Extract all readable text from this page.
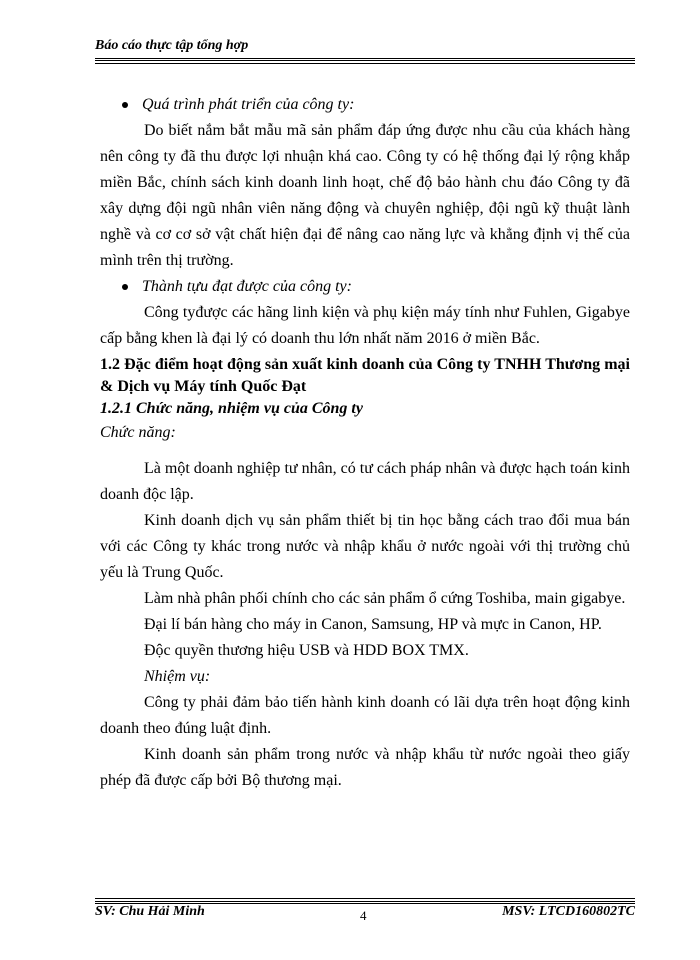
Báo cáo thực tập tổng hợp

Quá trình phát triển của công ty:

Do biết nắm bắt mẫu mã sản phẩm đáp ứng được nhu cầu của khách hàng nên công ty đã thu được lợi nhuận khá cao. Công ty có hệ thống đại lý rộng khắp miền Bắc, chính sách kinh doanh linh hoạt, chế độ bảo hành chu đáo Công ty đã xây dựng đội ngũ nhân viên năng động và chuyên nghiệp, đội ngũ kỹ thuật lành nghề và cơ cơ sở vật chất hiện đại để nâng cao năng lực và khẳng định vị thế của mình trên thị trường.

Thành tựu đạt được của công ty:

Công tyđược các hãng linh kiện và phụ kiện máy tính như Fuhlen, Gigabye cấp bằng khen là đại lý có doanh thu lớn nhất năm 2016 ở miền Bắc.

1.2 Đặc điểm hoạt động sản xuất kinh doanh của Công ty TNHH Thương mại & Dịch vụ Máy tính Quốc Đạt

1.2.1 Chức năng, nhiệm vụ của Công ty

Chức năng:

Là một doanh nghiệp tư nhân, có tư cách pháp nhân và được hạch toán kinh doanh độc lập.

Kinh doanh dịch vụ sản phẩm thiết bị tin học bằng cách trao đổi mua bán với các Công ty khác trong nước và nhập khẩu ở nước ngoài với thị trường chủ yếu là Trung Quốc.

Làm nhà phân phối chính cho các sản phẩm ổ cứng Toshiba, main gigabye.

Đại lí bán hàng cho máy in Canon, Samsung, HP và mực in Canon, HP.

Độc quyền thương hiệu USB và HDD BOX TMX.

Nhiệm vụ:

Công ty phải đảm bảo tiến hành kinh doanh có lãi dựa trên hoạt động kinh doanh theo đúng luật định.

Kinh doanh sản phẩm trong nước và nhập khẩu từ nước ngoài theo giấy phép đã được cấp bởi Bộ thương mại.

SV: Chu Hải Minh	4	MSV: LTCD160802TC
